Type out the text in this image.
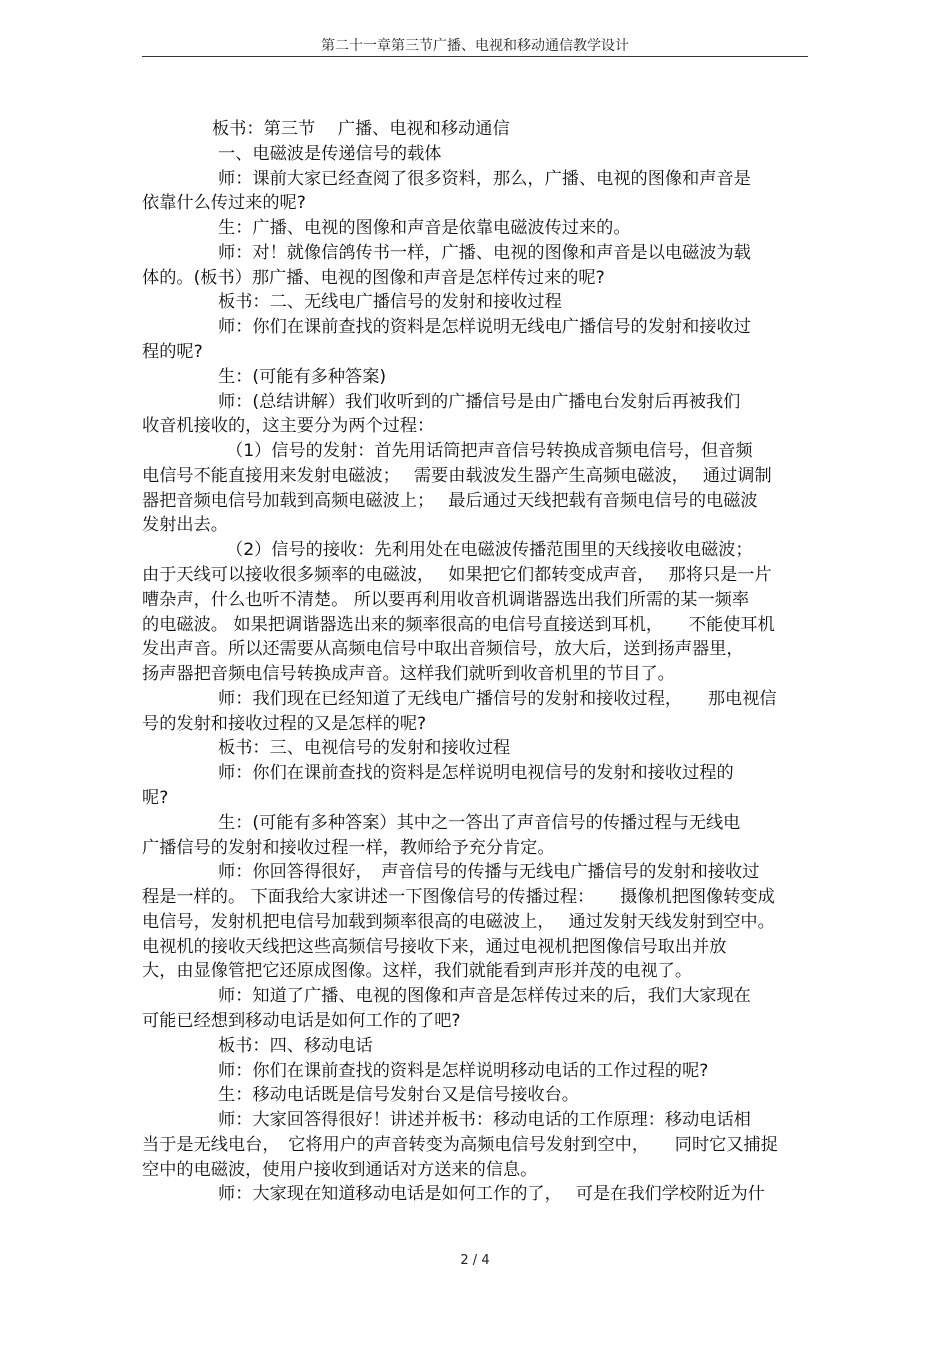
第二十一章第三节广播、电视和移动通信教学设计
板书：第三节　 广播、电视和移动通信
一、电磁波是传递信号的载体
师：课前大家已经查阅了很多资料，那么，广播、电视的图像和声音是
依靠什么传过来的呢?
生：广播、电视的图像和声音是依靠电磁波传过来的。
师：对！就像信鸽传书一样，广播、电视的图像和声音是以电磁波为载
体的。(板书）那广播、电视的图像和声音是怎样传过来的呢?
板书：二、无线电广播信号的发射和接收过程
师：你们在课前查找的资料是怎样说明无线电广播信号的发射和接收过
程的呢?
生：(可能有多种答案)
师：(总结讲解）我们收听到的广播信号是由广播电台发射后再被我们
收音机接收的，这主要分为两个过程：
（1）信号的发射：首先用话筒把声音信号转换成音频电信号，但音频
电信号不能直接用来发射电磁波；　 需要由载波发生器产生高频电磁波，　 通过调制
器把音频电信号加载到高频电磁波上；　 最后通过天线把载有音频电信号的电磁波
发射出去。
（2）信号的接收：先利用处在电磁波传播范围里的天线接收电磁波；
由于天线可以接收很多频率的电磁波，　 如果把它们都转变成声音，　 那将只是一片
嘈杂声，什么也听不清楚。 所以要再利用收音机调谐器选出我们所需的某一频率
的电磁波。 如果把调谐器选出来的频率很高的电信号直接送到耳机，　　不能使耳机
发出声音。所以还需要从高频电信号中取出音频信号，放大后，送到扬声器里，
扬声器把音频电信号转换成声音。这样我们就听到收音机里的节目了。
师：我们现在已经知道了无线电广播信号的发射和接收过程，　　那电视信
号的发射和接收过程的又是怎样的呢?
板书：三、电视信号的发射和接收过程
师：你们在课前查找的资料是怎样说明电视信号的发射和接收过程的
呢?
生：(可能有多种答案）其中之一答出了声音信号的传播过程与无线电
广播信号的发射和接收过程一样，教师给予充分肯定。
师：你回答得很好，　声音信号的传播与无线电广播信号的发射和接收过
程是一样的。 下面我给大家讲述一下图像信号的传播过程：　　摄像机把图像转变成
电信号，发射机把电信号加载到频率很高的电磁波上，　 通过发射天线发射到空中。
电视机的接收天线把这些高频信号接收下来，通过电视机把图像信号取出并放
大，由显像管把它还原成图像。这样，我们就能看到声形并茂的电视了。
师：知道了广播、电视的图像和声音是怎样传过来的后，我们大家现在
可能已经想到移动电话是如何工作的了吧?
板书：四、移动电话
师：你们在课前查找的资料是怎样说明移动电话的工作过程的呢?
生：移动电话既是信号发射台又是信号接收台。
师：大家回答得很好！讲述并板书：移动电话的工作原理：移动电话相
当于是无线电台，　它将用户的声音转变为高频电信号发射到空中，　　同时它又捕捉
空中的电磁波，使用户接收到通话对方送来的信息。
师：大家现在知道移动电话是如何工作的了，　 可是在我们学校附近为什
2 / 4
